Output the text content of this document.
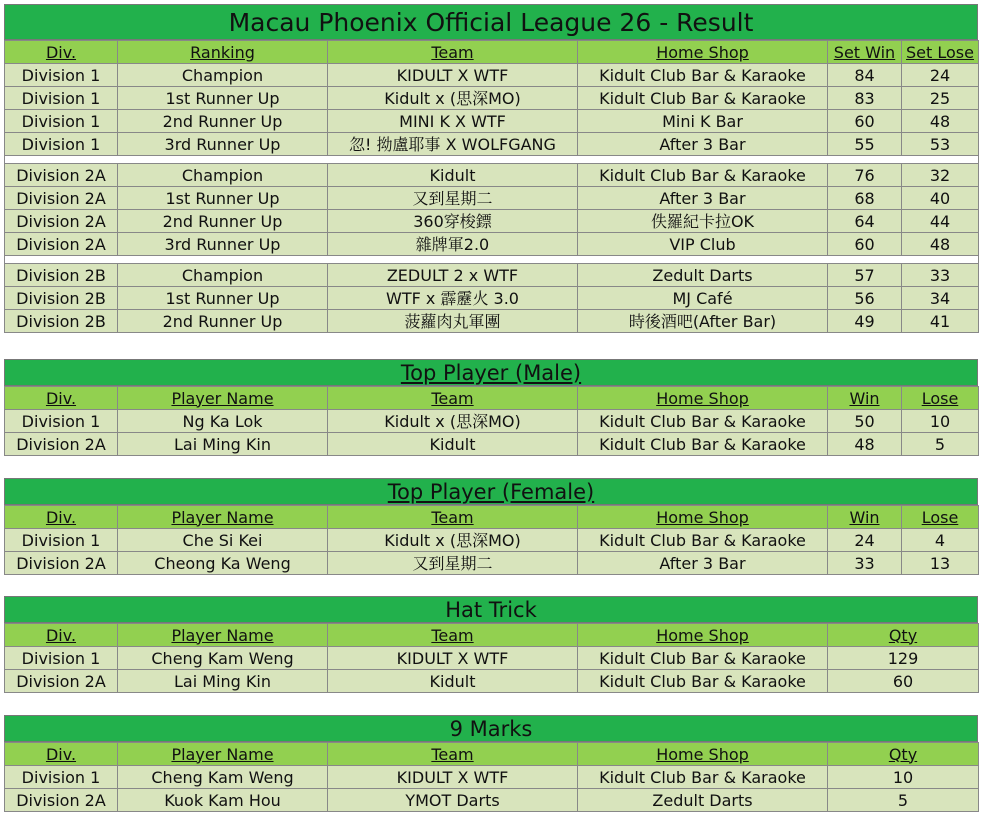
Macau Phoenix Official League 26 - Result
Div.	Ranking	Team	Home Shop	Set Win	Set Lose
Division 1	Champion	KIDULT X WTF	Kidult Club Bar & Karaoke	84	24
Division 1	1st Runner Up	Kidult x (思深MO)	Kidult Club Bar & Karaoke	83	25
Division 1	2nd Runner Up	MINI K X WTF	Mini K Bar	60	48
Division 1	3rd Runner Up	忽! 拗盧耶事 X WOLFGANG	After 3 Bar	55	53

Division 2A	Champion	Kidult	Kidult Club Bar & Karaoke	76	32
Division 2A	1st Runner Up	又到星期二	After 3 Bar	68	40
Division 2A	2nd Runner Up	360穿梭鏢	佚羅紀卡拉OK	64	44
Division 2A	3rd Runner Up	雜牌軍2.0	VIP Club	60	48

Division 2B	Champion	ZEDULT 2 x WTF	Zedult Darts	57	33
Division 2B	1st Runner Up	WTF x 霹靂火 3.0	MJ Café	56	34
Division 2B	2nd Runner Up	菠蘿肉丸軍團	時後酒吧(After Bar)	49	41
Top Player (Male)
Div.	Player Name	Team	Home Shop	Win	Lose
Division 1	Ng Ka Lok	Kidult x (思深MO)	Kidult Club Bar & Karaoke	50	10
Division 2A	Lai Ming Kin	Kidult	Kidult Club Bar & Karaoke	48	5
Top Player (Female)
Div.	Player Name	Team	Home Shop	Win	Lose
Division 1	Che Si Kei	Kidult x (思深MO)	Kidult Club Bar & Karaoke	24	4
Division 2A	Cheong Ka Weng	又到星期二	After 3 Bar	33	13
Hat Trick
Div.	Player Name	Team	Home Shop	Qty
Division 1	Cheng Kam Weng	KIDULT X WTF	Kidult Club Bar & Karaoke	129
Division 2A	Lai Ming Kin	Kidult	Kidult Club Bar & Karaoke	60
9 Marks
Div.	Player Name	Team	Home Shop	Qty
Division 1	Cheng Kam Weng	KIDULT X WTF	Kidult Club Bar & Karaoke	10
Division 2A	Kuok Kam Hou	YMOT Darts	Zedult Darts	5
